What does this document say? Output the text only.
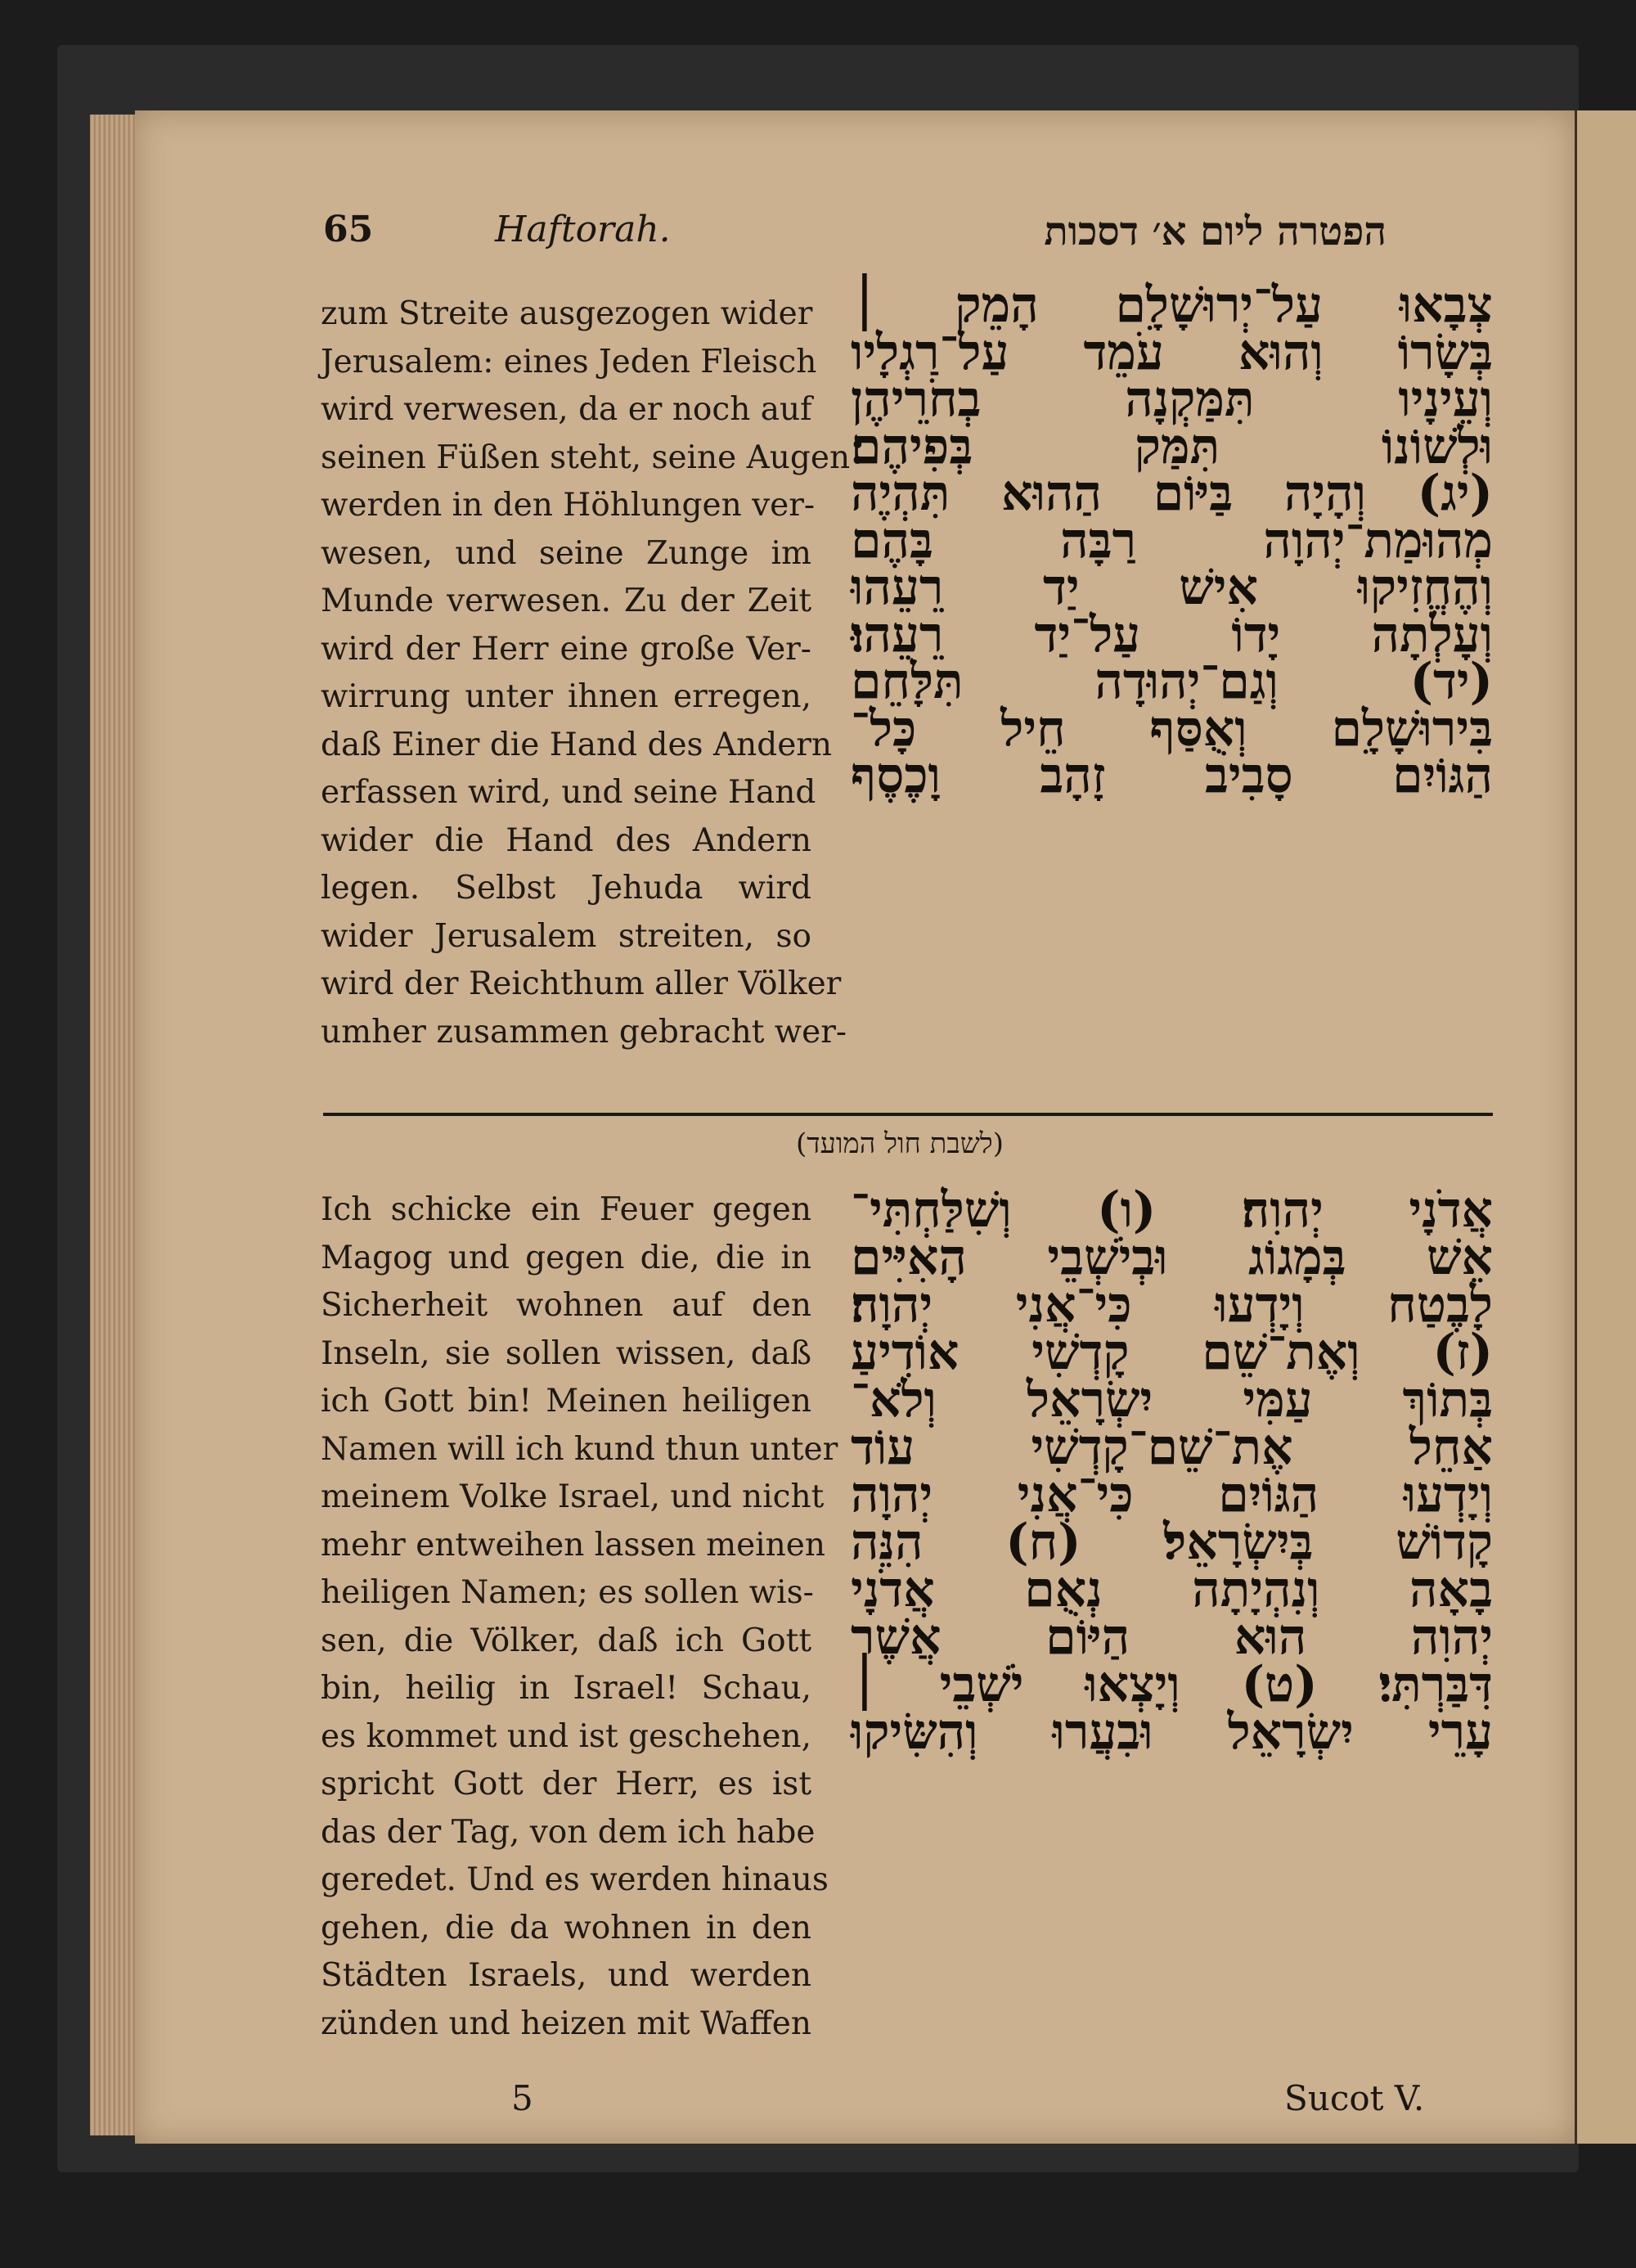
65	Haftorah.	הפטרה ליום א׳ דסכות
zum Streite ausgezogen wider
Jerusalem: eines Jeden Fleisch
wird verwesen, da er noch auf
seinen Füßen steht, seine Augen
werden in den Höhlungen ver-
wesen, und seine Zunge im
Munde verwesen. Zu der Zeit
wird der Herr eine große Ver-
wirrung unter ihnen erregen,
daß Einer die Hand des Andern
erfassen wird, und seine Hand
wider die Hand des Andern
legen. Selbst Jehuda wird
wider Jerusalem streiten, so
wird der Reichthum aller Völker
umher zusammen gebracht wer-
צְבָאוּ עַל־יְרוּשָׁלִָם הָמֵק ׀
בְּשָׂרוֹ וְהוּא עֹמֵד עַל־רַגְלָיו
וְעֵינָיו תִּמַּקְנָה בְחֹרֵיהֶן
וּלְשׁוֹנוֹ תִּמַּק בְּפִיהֶם׃
(יג) וְהָיָה בַּיּוֹם הַהוּא תִּהְיֶה
מְהוּמַת־יְהוָה רַבָּה בָּהֶם
וְהֶחֱזִיקוּ אִישׁ יַד רֵעֵהוּ
וְעָלְתָה יָדוֹ עַל־יַד רֵעֵהוּ׃
(יד) וְגַם־יְהוּדָה תִּלָּחֵם
בִּירוּשָׁלִָם וְאֻסַּף חֵיל כָּל־
הַגּוֹיִם סָבִיב זָהָב וָכֶסֶף
(לשבת חול המועד)
Ich schicke ein Feuer gegen
Magog und gegen die, die in
Sicherheit wohnen auf den
Inseln, sie sollen wissen, daß
ich Gott bin! Meinen heiligen
Namen will ich kund thun unter
meinem Volke Israel, und nicht
mehr entweihen lassen meinen
heiligen Namen; es sollen wis-
sen, die Völker, daß ich Gott
bin, heilig in Israel! Schau,
es kommet und ist geschehen,
spricht Gott der Herr, es ist
das der Tag, von dem ich habe
geredet. Und es werden hinaus
gehen, die da wohnen in den
Städten Israels, und werden
zünden und heizen mit Waffen
אֲדֹנָי יְהוִה׃ (ו) וְשִׁלַּחְתִּי־
אֵשׁ בְּמָגוֹג וּבְיֹשְׁבֵי הָאִיִּים
לָבֶטַח וְיָדְעוּ כִּי־אֲנִי יְהוָה׃
(ז) וְאֶת־שֵׁם קָדְשִׁי אוֹדִיעַ
בְּתוֹךְ עַמִּי יִשְׂרָאֵל וְלֹא־
אַחֵל אֶת־שֵׁם־קָדְשִׁי עוֹד
וְיָדְעוּ הַגּוֹיִם כִּי־אֲנִי יְהוָה
קָדוֹשׁ בְּיִשְׂרָאֵל׃ (ח) הִנֵּה
בָאָה וְנִהְיָתָה נְאֻם אֲדֹנָי
יְהוִה הוּא הַיּוֹם אֲשֶׁר
דִּבַּרְתִּי׃ (ט) וְיָצְאוּ יֹשְׁבֵי ׀
עָרֵי יִשְׂרָאֵל וּבִעֲרוּ וְהִשִּׂיקוּ
5	Sucot V.
